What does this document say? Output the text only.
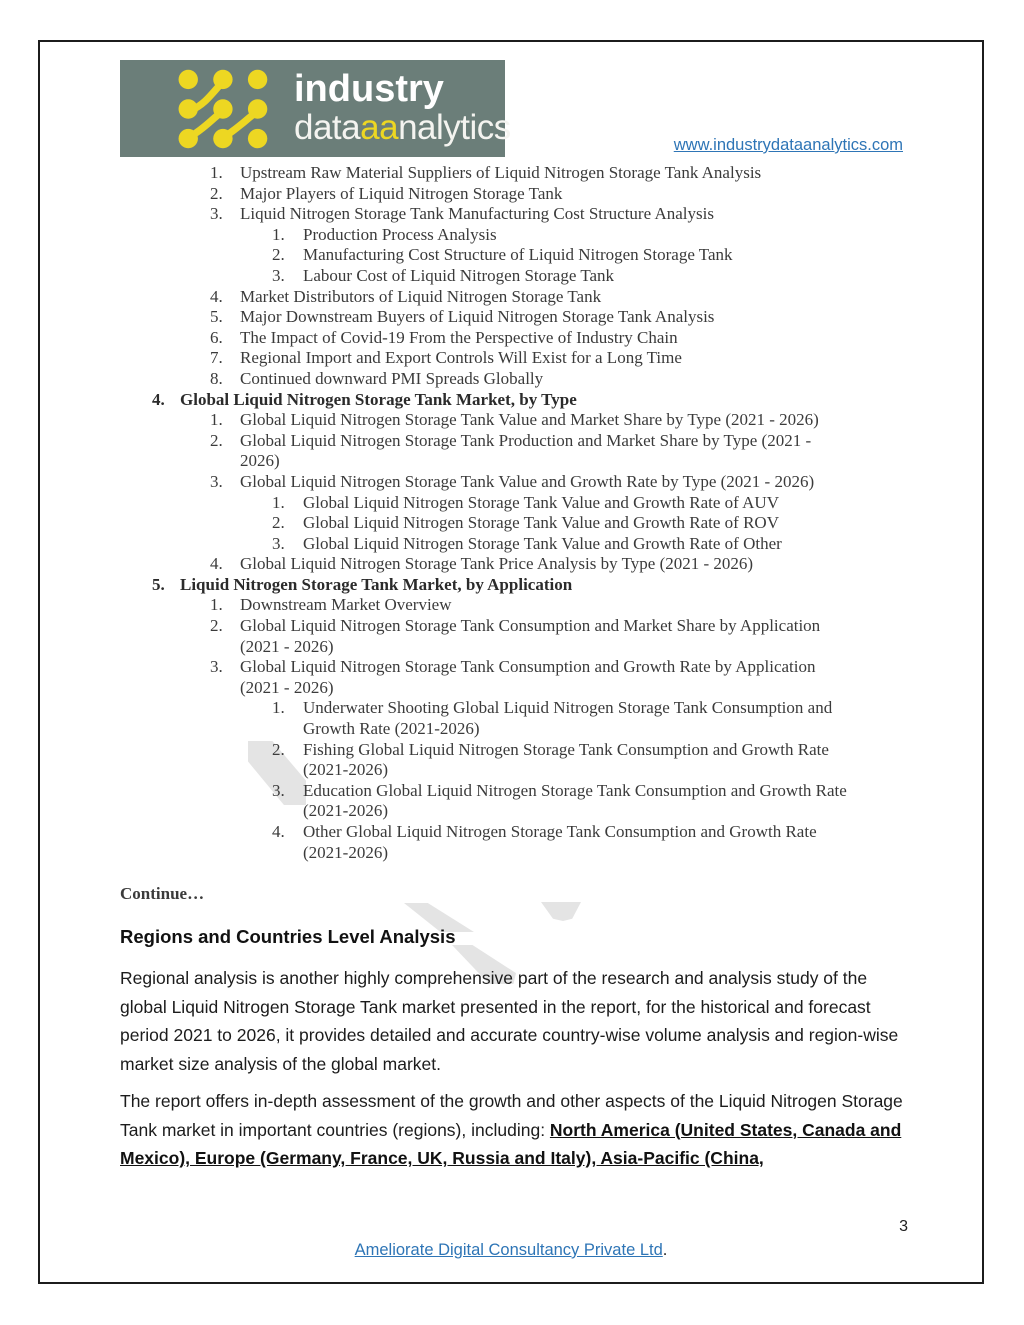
industry
dataaanalytics	www.industrydataanalytics.com
1.	Upstream Raw Material Suppliers of Liquid Nitrogen Storage Tank Analysis
2.	Major Players of Liquid Nitrogen Storage Tank
3.	Liquid Nitrogen Storage Tank Manufacturing Cost Structure Analysis
1.	Production Process Analysis
2.	Manufacturing Cost Structure of Liquid Nitrogen Storage Tank
3.	Labour Cost of Liquid Nitrogen Storage Tank
4.	Market Distributors of Liquid Nitrogen Storage Tank
5.	Major Downstream Buyers of Liquid Nitrogen Storage Tank Analysis
6.	The Impact of Covid-19 From the Perspective of Industry Chain
7.	Regional Import and Export Controls Will Exist for a Long Time
8.	Continued downward PMI Spreads Globally
4. Global Liquid Nitrogen Storage Tank Market, by Type
1.	Global Liquid Nitrogen Storage Tank Value and Market Share by Type (2021 - 2026)
2.	Global Liquid Nitrogen Storage Tank Production and Market Share by Type (2021 - 2026)
3.	Global Liquid Nitrogen Storage Tank Value and Growth Rate by Type (2021 - 2026)
1.	Global Liquid Nitrogen Storage Tank Value and Growth Rate of AUV
2.	Global Liquid Nitrogen Storage Tank Value and Growth Rate of ROV
3.	Global Liquid Nitrogen Storage Tank Value and Growth Rate of Other
4.	Global Liquid Nitrogen Storage Tank Price Analysis by Type (2021 - 2026)
5. Liquid Nitrogen Storage Tank Market, by Application
1.	Downstream Market Overview
2.	Global Liquid Nitrogen Storage Tank Consumption and Market Share by Application (2021 - 2026)
3.	Global Liquid Nitrogen Storage Tank Consumption and Growth Rate by Application (2021 - 2026)
1.	Underwater Shooting Global Liquid Nitrogen Storage Tank Consumption and Growth Rate (2021-2026)
2.	Fishing Global Liquid Nitrogen Storage Tank Consumption and Growth Rate (2021-2026)
3.	Education Global Liquid Nitrogen Storage Tank Consumption and Growth Rate (2021-2026)
4.	Other Global Liquid Nitrogen Storage Tank Consumption and Growth Rate (2021-2026)
Continue…
Regions and Countries Level Analysis

Regional analysis is another highly comprehensive part of the research and analysis study of the global Liquid Nitrogen Storage Tank market presented in the report, for the historical and forecast period 2021 to 2026, it provides detailed and accurate country-wise volume analysis and region-wise market size analysis of the global market.

The report offers in-depth assessment of the growth and other aspects of the Liquid Nitrogen Storage Tank market in important countries (regions), including: North America (United States, Canada and Mexico), Europe (Germany, France, UK, Russia and Italy), Asia-Pacific (China,

3
Ameliorate Digital Consultancy Private Ltd.
